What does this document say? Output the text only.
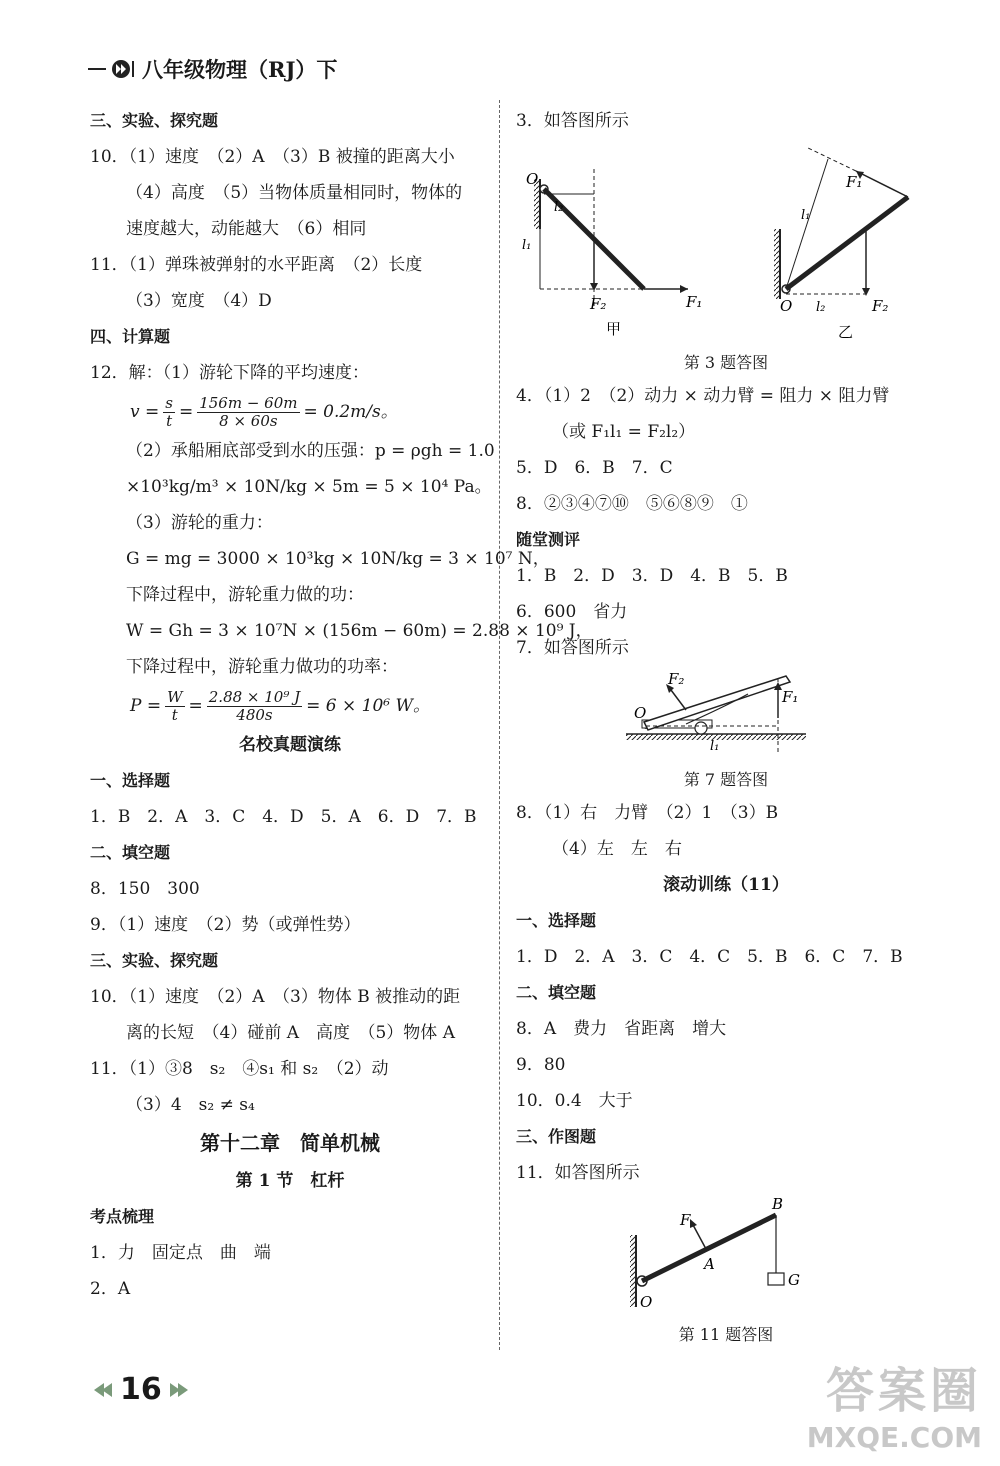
八年级物理（RJ）下
三、实验、探究题
10．（1）速度　（2）A　（3）B 被撞的距离大小
（4）高度　（5）当物体质量相同时，物体的
速度越大，动能越大　（6）相同
11．（1）弹珠被弹射的水平距离　（2）长度
（3）宽度　（4）D
四、计算题
12．解：（1）游轮下降的平均速度：
$v = \frac{s}{t} = \frac{156m - 60m}{8 \times 60s} = 0.2m/s$。
（2）承船厢底部受到水的压强：p = ρgh = 1.0
×10³kg/m³ × 10N/kg × 5m = 5 × 10⁴ Pa。
（3）游轮的重力：
G = mg = 3000 × 10³kg × 10N/kg = 3 × 10⁷ N，
下降过程中，游轮重力做的功：
W = Gh = 3 × 10⁷N × (156m − 60m) = 2.88 × 10⁹ J，
下降过程中，游轮重力做功的功率：
$P = \frac{W}{t} = \frac{\text{2.88 × 10⁹ J}}{480s} = 6 \times 10^6$ W。
名校真题演练
一、选择题
1．B　2．A　3．C　4．D　5．A　6．D　7．B
二、填空题
8．150　300
9．（1）速度　（2）势（或弹性势）
三、实验、探究题
10．（1）速度　（2）A　（3）物体 B 被推动的距
离的长短　（4）碰前 A　高度　（5）物体 A
11．（1）③8　s₂　④s₁ 和 s₂　（2）动
（3）4　s₂ ≠ s₄
第十二章　简单机械
第 1 节　杠杆
考点梳理
1．力　固定点　曲　端
2．A
3．如答图所示
O
l₂
l₁
F₂	F₁
甲
O
F₁
l₁
l₂	F₂
乙
第 3 题答图
4．（1）2　（2）动力 × 动力臂 = 阻力 × 阻力臂
（或 F₁l₁ = F₂l₂）
5．D　6．B　7．C
8．②③④⑦⑩　⑤⑥⑧⑨　①
随堂测评
1．B　2．D　3．D　4．B　5．B
6．600　省力
7．如答图所示
F₂
F₁
O
l₁
第 7 题答图
8．（1）右　力臂　（2）1　（3）B
（4）左　左　右
滚动训练（11）
一、选择题
1．D　2．A　3．C　4．C　5．B　6．C　7．B
二、填空题
8．A　费力　省距离　增大
9．80
10．0.4　大于
三、作图题
11．如答图所示
B
F
A
G
O
第 11 题答图
16	答案圈
MXQE.COM
